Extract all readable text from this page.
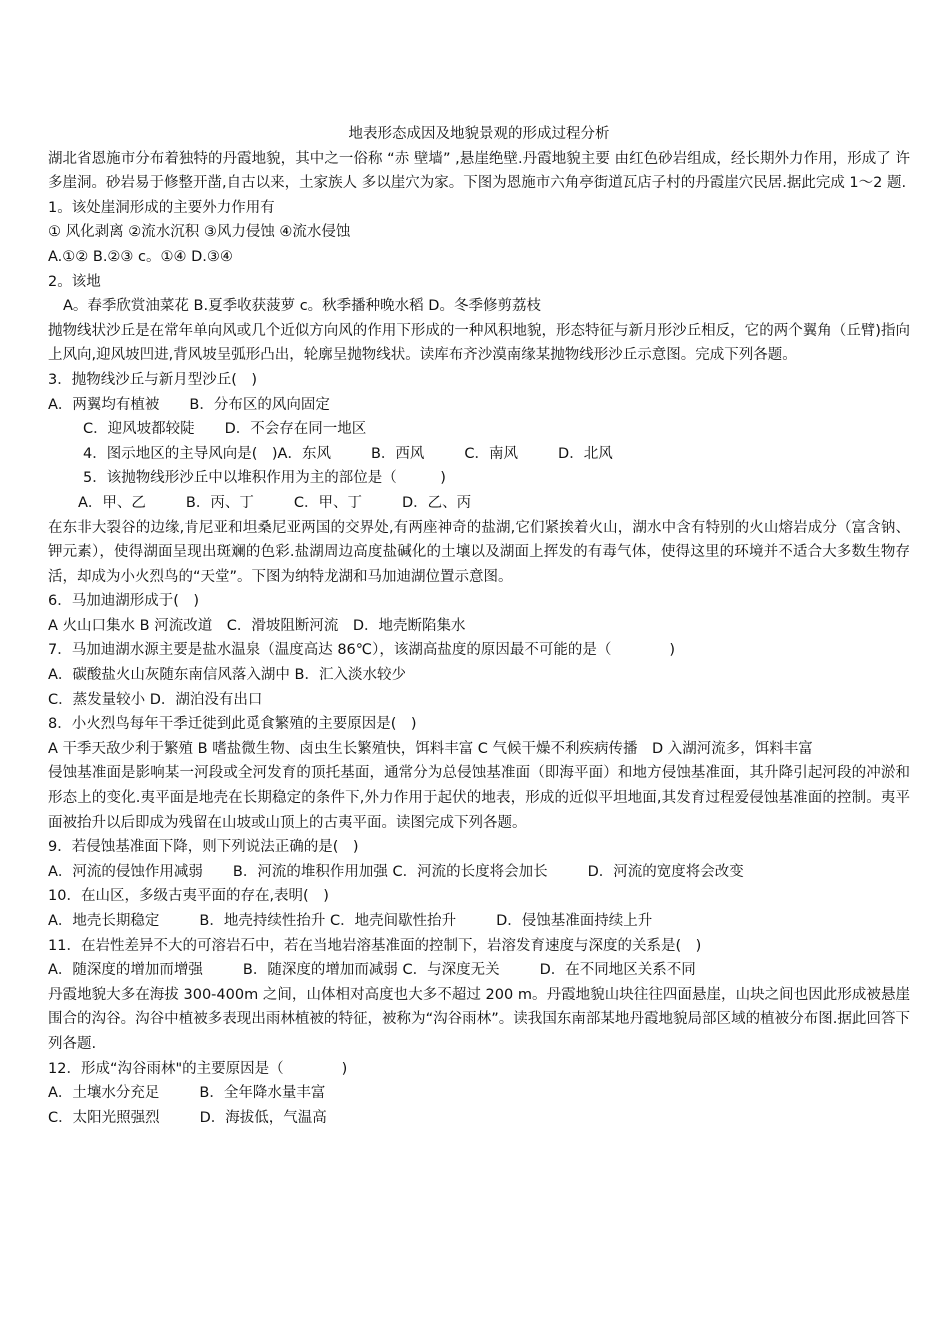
地表形态成因及地貌景观的形成过程分析

湖北省恩施市分布着独特的丹霞地貌，其中之一俗称 “赤 壁墙” ,悬崖绝壁.丹霞地貌主要 由红色砂岩组成，经长期外力作用，形成了 许多崖洞。砂岩易于修整开凿,自古以来，土家族人 多以崖穴为家。下图为恩施市六角亭街道瓦店子村的丹霞崖穴民居.据此完成 1～2 题.

1。该处崖洞形成的主要外力作用有

① 风化剥离 ②流水沉积 ③风力侵蚀 ④流水侵蚀

A.①② B.②③ c。①④ D.③④

2。该地

A。春季欣赏油菜花 B.夏季收获菠萝 c。秋季播种晚水稻 D。冬季修剪荔枝

抛物线状沙丘是在常年单向风或几个近似方向风的作用下形成的一种风积地貌，形态特征与新月形沙丘相反，它的两个翼角（丘臂)指向上风向,迎风坡凹进,背风坡呈弧形凸出，轮廓呈抛物线状。读库布齐沙漠南缘某抛物线形沙丘示意图。完成下列各题。

3．抛物线沙丘与新月型沙丘(　)

A．两翼均有植被 B．分布区的风向固定

C．迎风坡都较陡 D．不会存在同一地区

4．图示地区的主导风向是(　)A．东风	B．西风	C．南风	D．北风

5．该抛物线形沙丘中以堆积作用为主的部位是（　　　)

A．甲、乙	B．丙、丁	C．甲、丁	D．乙、丙

在东非大裂谷的边缘,肯尼亚和坦桑尼亚两国的交界处,有两座神奇的盐湖,它们紧挨着火山，湖水中含有特别的火山熔岩成分（富含钠、钾元素），使得湖面呈现出斑斓的色彩.盐湖周边高度盐碱化的土壤以及湖面上挥发的有毒气体，使得这里的环境并不适合大多数生物存活，却成为小火烈鸟的“天堂”。下图为纳特龙湖和马加迪湖位置示意图。

6．马加迪湖形成于(　)

A 火山口集水 B 河流改道　C．滑坡阻断河流　D．地壳断陷集水

7．马加迪湖水源主要是盐水温泉（温度高达 86℃），该湖高盐度的原因最不可能的是（　　　　)

A．碳酸盐火山灰随东南信风落入湖中 B．汇入淡水较少

C．蒸发量较小 D．湖泊没有出口

8．小火烈鸟每年干季迁徙到此觅食繁殖的主要原因是(　)

A 干季天敌少利于繁殖 B 嗜盐微生物、卤虫生长繁殖快，饵料丰富 C 气候干燥不利疾病传播　D 入湖河流多，饵料丰富

侵蚀基准面是影响某一河段或全河发育的顶托基面，通常分为总侵蚀基准面（即海平面）和地方侵蚀基准面，其升降引起河段的冲淤和形态上的变化.夷平面是地壳在长期稳定的条件下,外力作用于起伏的地表，形成的近似平坦地面,其发育过程爱侵蚀基准面的控制。夷平面被抬升以后即成为残留在山坡或山顶上的古夷平面。读图完成下列各题。

9．若侵蚀基准面下降，则下列说法正确的是(　)

A．河流的侵蚀作用减弱 B．河流的堆积作用加强 C．河流的长度将会加长	D．河流的宽度将会改变

10．在山区，多级古夷平面的存在,表明(　)

A．地壳长期稳定	B．地壳持续性抬升 C．地壳间歇性抬升	D．侵蚀基准面持续上升

11．在岩性差异不大的可溶岩石中，若在当地岩溶基准面的控制下，岩溶发育速度与深度的关系是(　)

A．随深度的增加而增强	B．随深度的增加而减弱 C．与深度无关	D．在不同地区关系不同

丹霞地貌大多在海拔 300-400m 之间，山体相对高度也大多不超过 200 m。丹霞地貌山块往往四面悬崖，山块之间也因此形成被悬崖围合的沟谷。沟谷中植被多表现出雨林植被的特征，被称为“沟谷雨林”。读我国东南部某地丹霞地貌局部区域的植被分布图.据此回答下列各题.

12．形成“沟谷雨林"的主要原因是（　　　　)

A．土壤水分充足	B．全年降水量丰富

C．太阳光照强烈	D．海拔低，气温高
